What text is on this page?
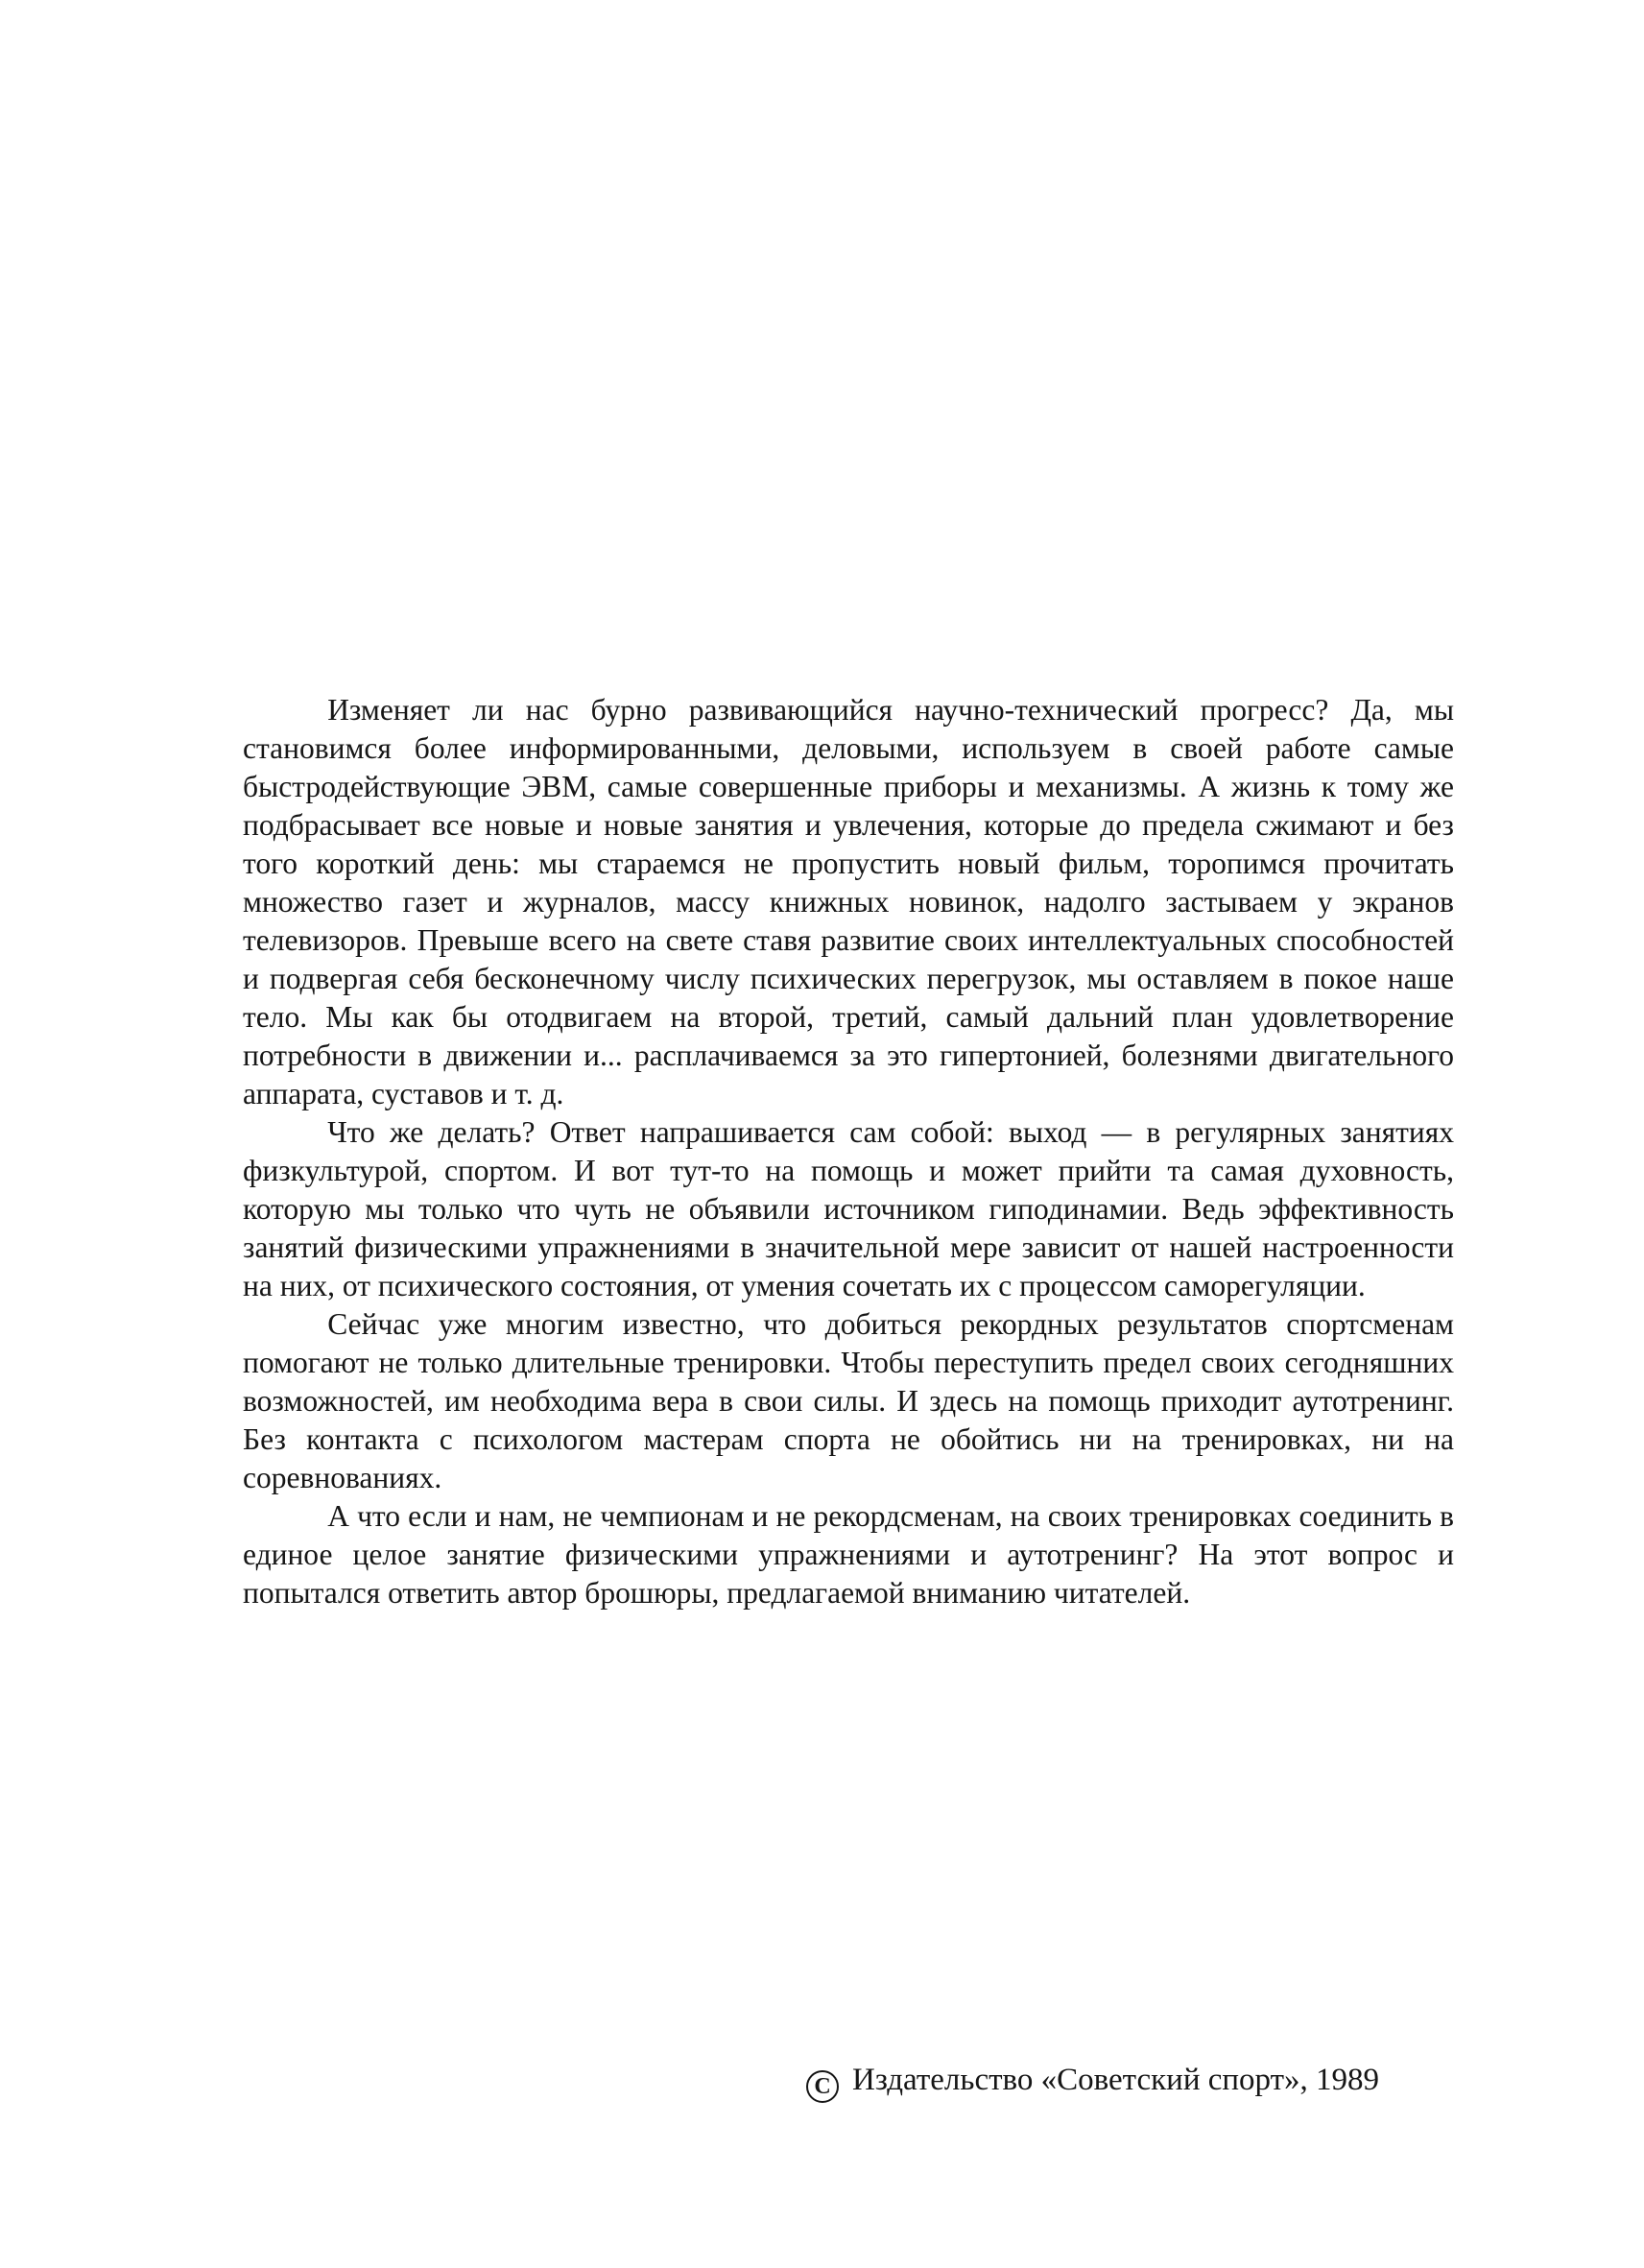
Изменяет ли нас бурно развивающийся научно-технический прогресс? Да, мы становимся более информированными, деловыми, используем в своей работе самые быстродействующие ЭВМ, самые совершенные приборы и механизмы. А жизнь к тому же подбрасывает все новые и новые занятия и увлечения, которые до предела сжимают и без того короткий день: мы стараемся не пропустить новый фильм, торопимся прочитать множество газет и журналов, массу книжных новинок, надолго застываем у экранов телевизоров. Превыше всего на свете ставя развитие своих интеллектуальных способностей и подвергая себя бесконечному числу психических перегрузок, мы оставляем в покое наше тело. Мы как бы отодвигаем на второй, третий, самый дальний план удовлетворение потребности в движении и... расплачиваемся за это гипертонией, болезнями двигательного аппарата, суставов и т. д.

Что же делать? Ответ напрашивается сам собой: выход — в регулярных занятиях физкультурой, спортом. И вот тут-то на помощь и может прийти та самая духовность, которую мы только что чуть не объявили источником гиподинамии. Ведь эффективность занятий физическими упражнениями в значительной мере зависит от нашей настроенности на них, от психического состояния, от умения сочетать их с процессом саморегуляции.

Сейчас уже многим известно, что добиться рекордных результатов спортсменам помогают не только длительные тренировки. Чтобы переступить предел своих сегодняшних возможностей, им необходима вера в свои силы. И здесь на помощь приходит аутотренинг. Без контакта с психологом мастерам спорта не обойтись ни на тренировках, ни на соревнованиях.

А что если и нам, не чемпионам и не рекордсменам, на своих тренировках соединить в единое целое занятие физическими упражнениями и аутотренинг? На этот вопрос и попытался ответить автор брошюры, предлагаемой вниманию читателей.

C Издательство «Советский спорт», 1989
